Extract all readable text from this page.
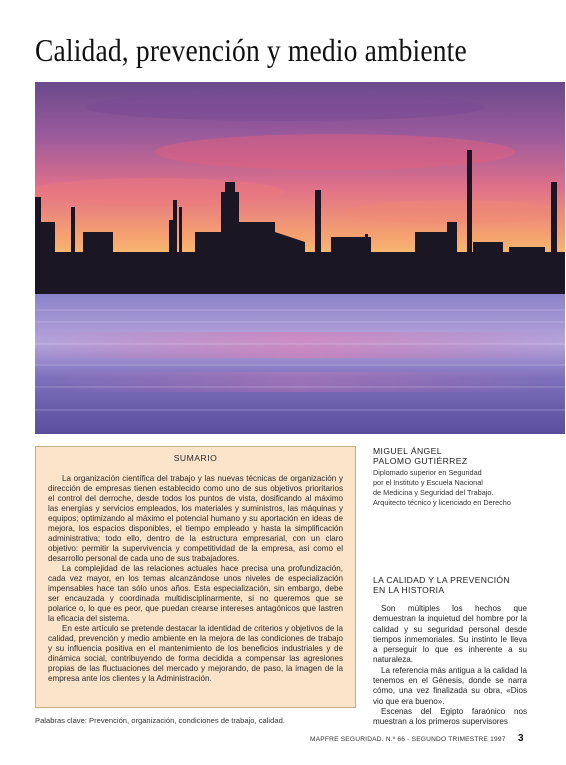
Calidad, prevención y medio ambiente
SUMARIO

La organización científica del trabajo y las nuevas técnicas de organización y dirección de empresas tienen establecido como uno de sus objetivos prioritarios el control del derroche, desde todos los puntos de vista, dosificando al máximo las energías y servicios empleados, los materiales y suministros, las máquinas y equipos; optimizando al máximo el potencial humano y su aportación en ideas de mejora, los espacios disponibles, el tiempo empleado y hasta la simplificación administrativa; todo ello, dentro de la estructura empresarial, con un claro objetivo: permitir la supervivencia y competitividad de la empresa, así como el desarrollo personal de cada uno de sus trabajadores.

La complejidad de las relaciones actuales hace precisa una profundización, cada vez mayor, en los temas alcanzándose unos niveles de especialización impensables hace tan sólo unos años. Esta especialización, sin embargo, debe ser encauzada y coordinada multidisciplinarmente, si no queremos que se polarice o, lo que es peor, que puedan crearse intereses antagónicos que lastren la eficacia del sistema.

En este artículo se pretende destacar la identidad de criterios y objetivos de la calidad, prevención y medio ambiente en la mejora de las condiciones de trabajo y su influencia positiva en el mantenimiento de los beneficios industriales y de dinámica social, contribuyendo de forma decidida a compensar las agresiones propias de las fluctuaciones del mercado y mejorando, de paso, la imagen de la empresa ante los clientes y la Administración.

Palabras clave: Prevención, organización, condiciones de trabajo, calidad.
MIGUEL ÁNGEL
PALOMO GUTIÉRREZ
Diplomado superior en Seguridad
por el Instituto y Escuela Nacional
de Medicina y Seguridad del Trabajo.
Arquitecto técnico y licenciado en Derecho
LA CALIDAD Y LA PREVENCIÓN
EN LA HISTORIA

Son múltiples los hechos que demuestran la inquietud del hombre por la calidad y su seguridad personal desde tiempos inmemoriales. Su instinto le lleva a perseguir lo que es inherente a su naturaleza.

La referencia más antigua a la calidad la tenemos en el Génesis, donde se narra cómo, una vez finalizada su obra, «Dios vio que era bueno».

Escenas del Egipto faraónico nos muestran a los primeros supervisores

MAPFRE SEGURIDAD. N.º 66 - SEGUNDO TRIMESTRE 1997 3
